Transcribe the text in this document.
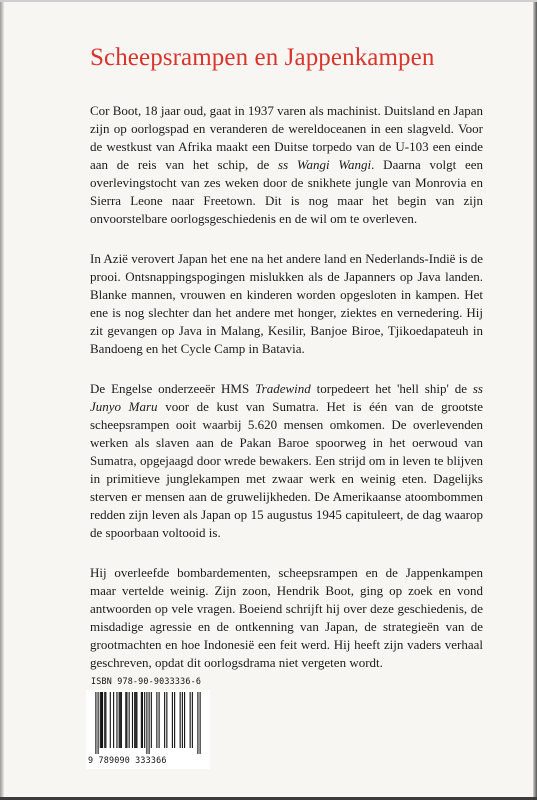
Scheepsrampen en Jappenkampen

Cor Boot, 18 jaar oud, gaat in 1937 varen als machinist. Duitsland en Japan zijn op oorlogspad en veranderen de wereldoceanen in een slagveld. Voor de westkust van Afrika maakt een Duitse torpedo van de U-103 een einde aan de reis van het schip, de ss Wangi Wangi. Daarna volgt een overlevingstocht van zes weken door de snikhete jungle van Monrovia en Sierra Leone naar Freetown. Dit is nog maar het begin van zijn onvoorstelbare oorlogsgeschiedenis en de wil om te overleven.

In Azië verovert Japan het ene na het andere land en Nederlands-Indië is de prooi. Ontsnappingspogingen mislukken als de Japanners op Java landen. Blanke mannen, vrouwen en kinderen worden opgesloten in kampen. Het ene is nog slechter dan het andere met honger, ziektes en vernedering. Hij zit gevangen op Java in Malang, Kesilir, Banjoe Biroe, Tjikoedapateuh in Bandoeng en het Cycle Camp in Batavia.

De Engelse onderzeeër HMS Tradewind torpedeert het 'hell ship' de ss Junyo Maru voor de kust van Sumatra. Het is één van de grootste scheepsrampen ooit waarbij 5.620 mensen omkomen. De overlevenden werken als slaven aan de Pakan Baroe spoorweg in het oerwoud van Sumatra, opgejaagd door wrede bewakers. Een strijd om in leven te blijven in primitieve junglekampen met zwaar werk en weinig eten. Dagelijks sterven er mensen aan de gruwelijkheden. De Amerikaanse atoombommen redden zijn leven als Japan op 15 augustus 1945 capituleert, de dag waarop de spoorbaan voltooid is.

Hij overleefde bombardementen, scheepsrampen en de Jappenkampen maar vertelde weinig. Zijn zoon, Hendrik Boot, ging op zoek en vond antwoorden op vele vragen. Boeiend schrijft hij over deze geschiedenis, de misdadige agressie en de ontkenning van Japan, de strategieën van de grootmachten en hoe Indonesië een feit werd. Hij heeft zijn vaders verhaal geschreven, opdat dit oorlogsdrama niet vergeten wordt.

ISBN 978-90-9033336-6
9 789090 333366
